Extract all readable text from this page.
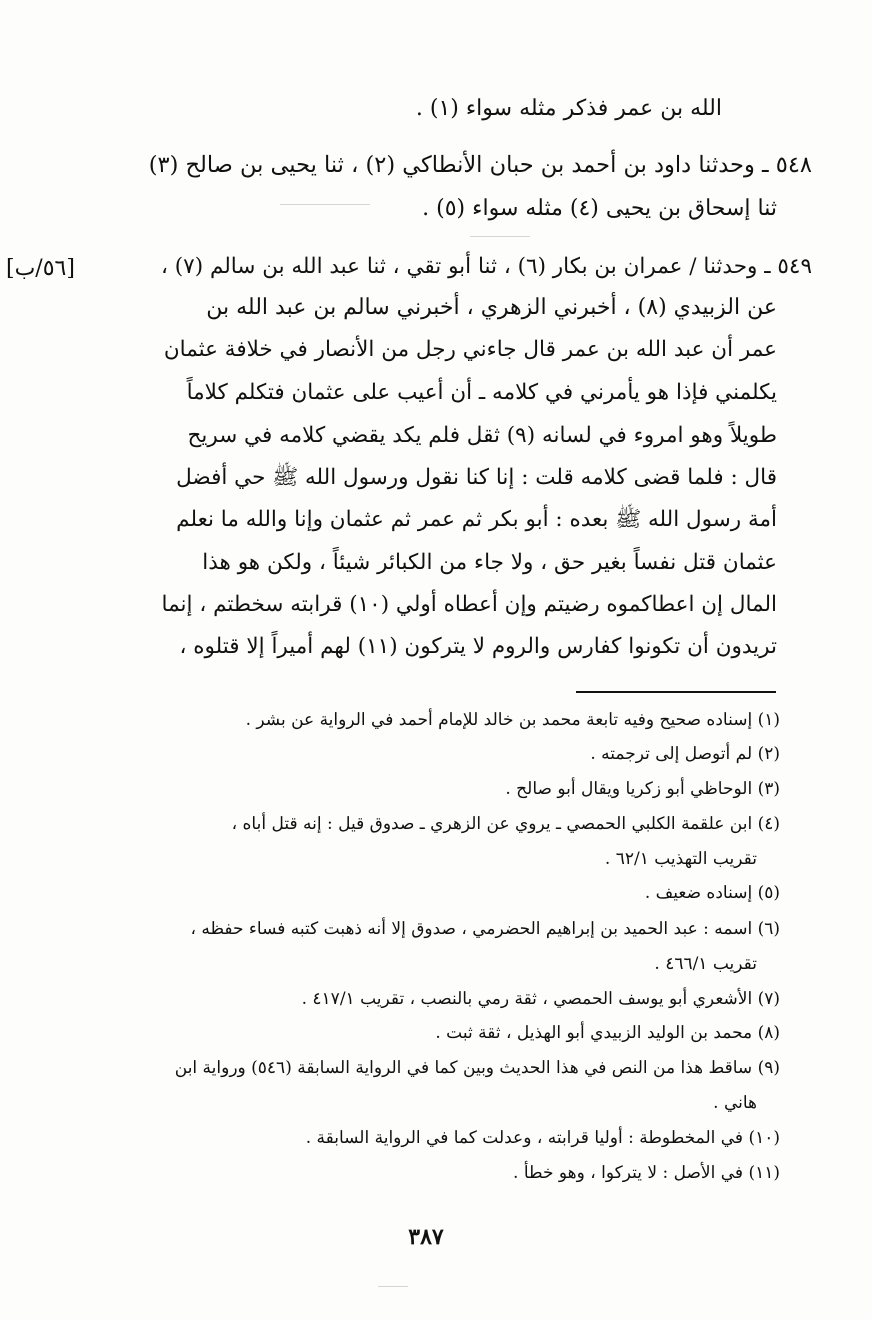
الله بن عمر فذكر مثله سواء (١) .
٥٤٨ ـ وحدثنا داود بن أحمد بن حبان الأنطاكي (٢) ، ثنا يحيى بن صالح (٣)
ثنا إسحاق بن يحيى (٤) مثله سواء (٥) .
٥٤٩ ـ وحدثنا / عمران بن بكار (٦) ، ثنا أبو تقي ، ثنا عبد الله بن سالم (٧) ،
[٥٦/ب]
عن الزبيدي (٨) ، أخبرني الزهري ، أخبرني سالم بن عبد الله بن
عمر أن عبد الله بن عمر قال جاءني رجل من الأنصار في خلافة عثمان
يكلمني فإذا هو يأمرني في كلامه ـ أن أعيب على عثمان فتكلم كلاماً
طويلاً وهو امروء في لسانه (٩) ثقل فلم يكد يقضي كلامه في سريح
قال : فلما قضى كلامه قلت : إنا كنا نقول ورسول الله ﷺ حي أفضل
أمة رسول الله ﷺ بعده : أبو بكر ثم عمر ثم عثمان وإنا والله ما نعلم
عثمان قتل نفساً بغير حق ، ولا جاء من الكبائر شيئاً ، ولكن هو هذا
المال إن اعطاكموه رضيتم وإن أعطاه أولي (١٠) قرابته سخطتم ، إنما
تريدون أن تكونوا كفارس والروم لا يتركون (١١) لهم أميراً إلا قتلوه ،
(١) إسناده صحيح وفيه تابعة محمد بن خالد للإمام أحمد في الرواية عن بشر .
(٢) لم أتوصل إلى ترجمته .
(٣) الوحاظي أبو زكريا ويقال أبو صالح .
(٤) ابن علقمة الكلبي الحمصي ـ يروي عن الزهري ـ صدوق قيل : إنه قتل أباه ،
تقريب التهذيب ٦٢/١ .
(٥) إسناده ضعيف .
(٦) اسمه : عبد الحميد بن إبراهيم الحضرمي ، صدوق إلا أنه ذهبت كتبه فساء حفظه ،
تقريب ٤٦٦/١ .
(٧) الأشعري أبو يوسف الحمصي ، ثقة رمي بالنصب ، تقريب ٤١٧/١ .
(٨) محمد بن الوليد الزبيدي أبو الهذيل ، ثقة ثبت .
(٩) ساقط هذا من النص في هذا الحديث وبين كما في الرواية السابقة (٥٤٦) ورواية ابن
هاني .
(١٠) في المخطوطة : أوليا قرابته ، وعدلت كما في الرواية السابقة .
(١١) في الأصل : لا يتركوا ، وهو خطأ .
٣٨٧
